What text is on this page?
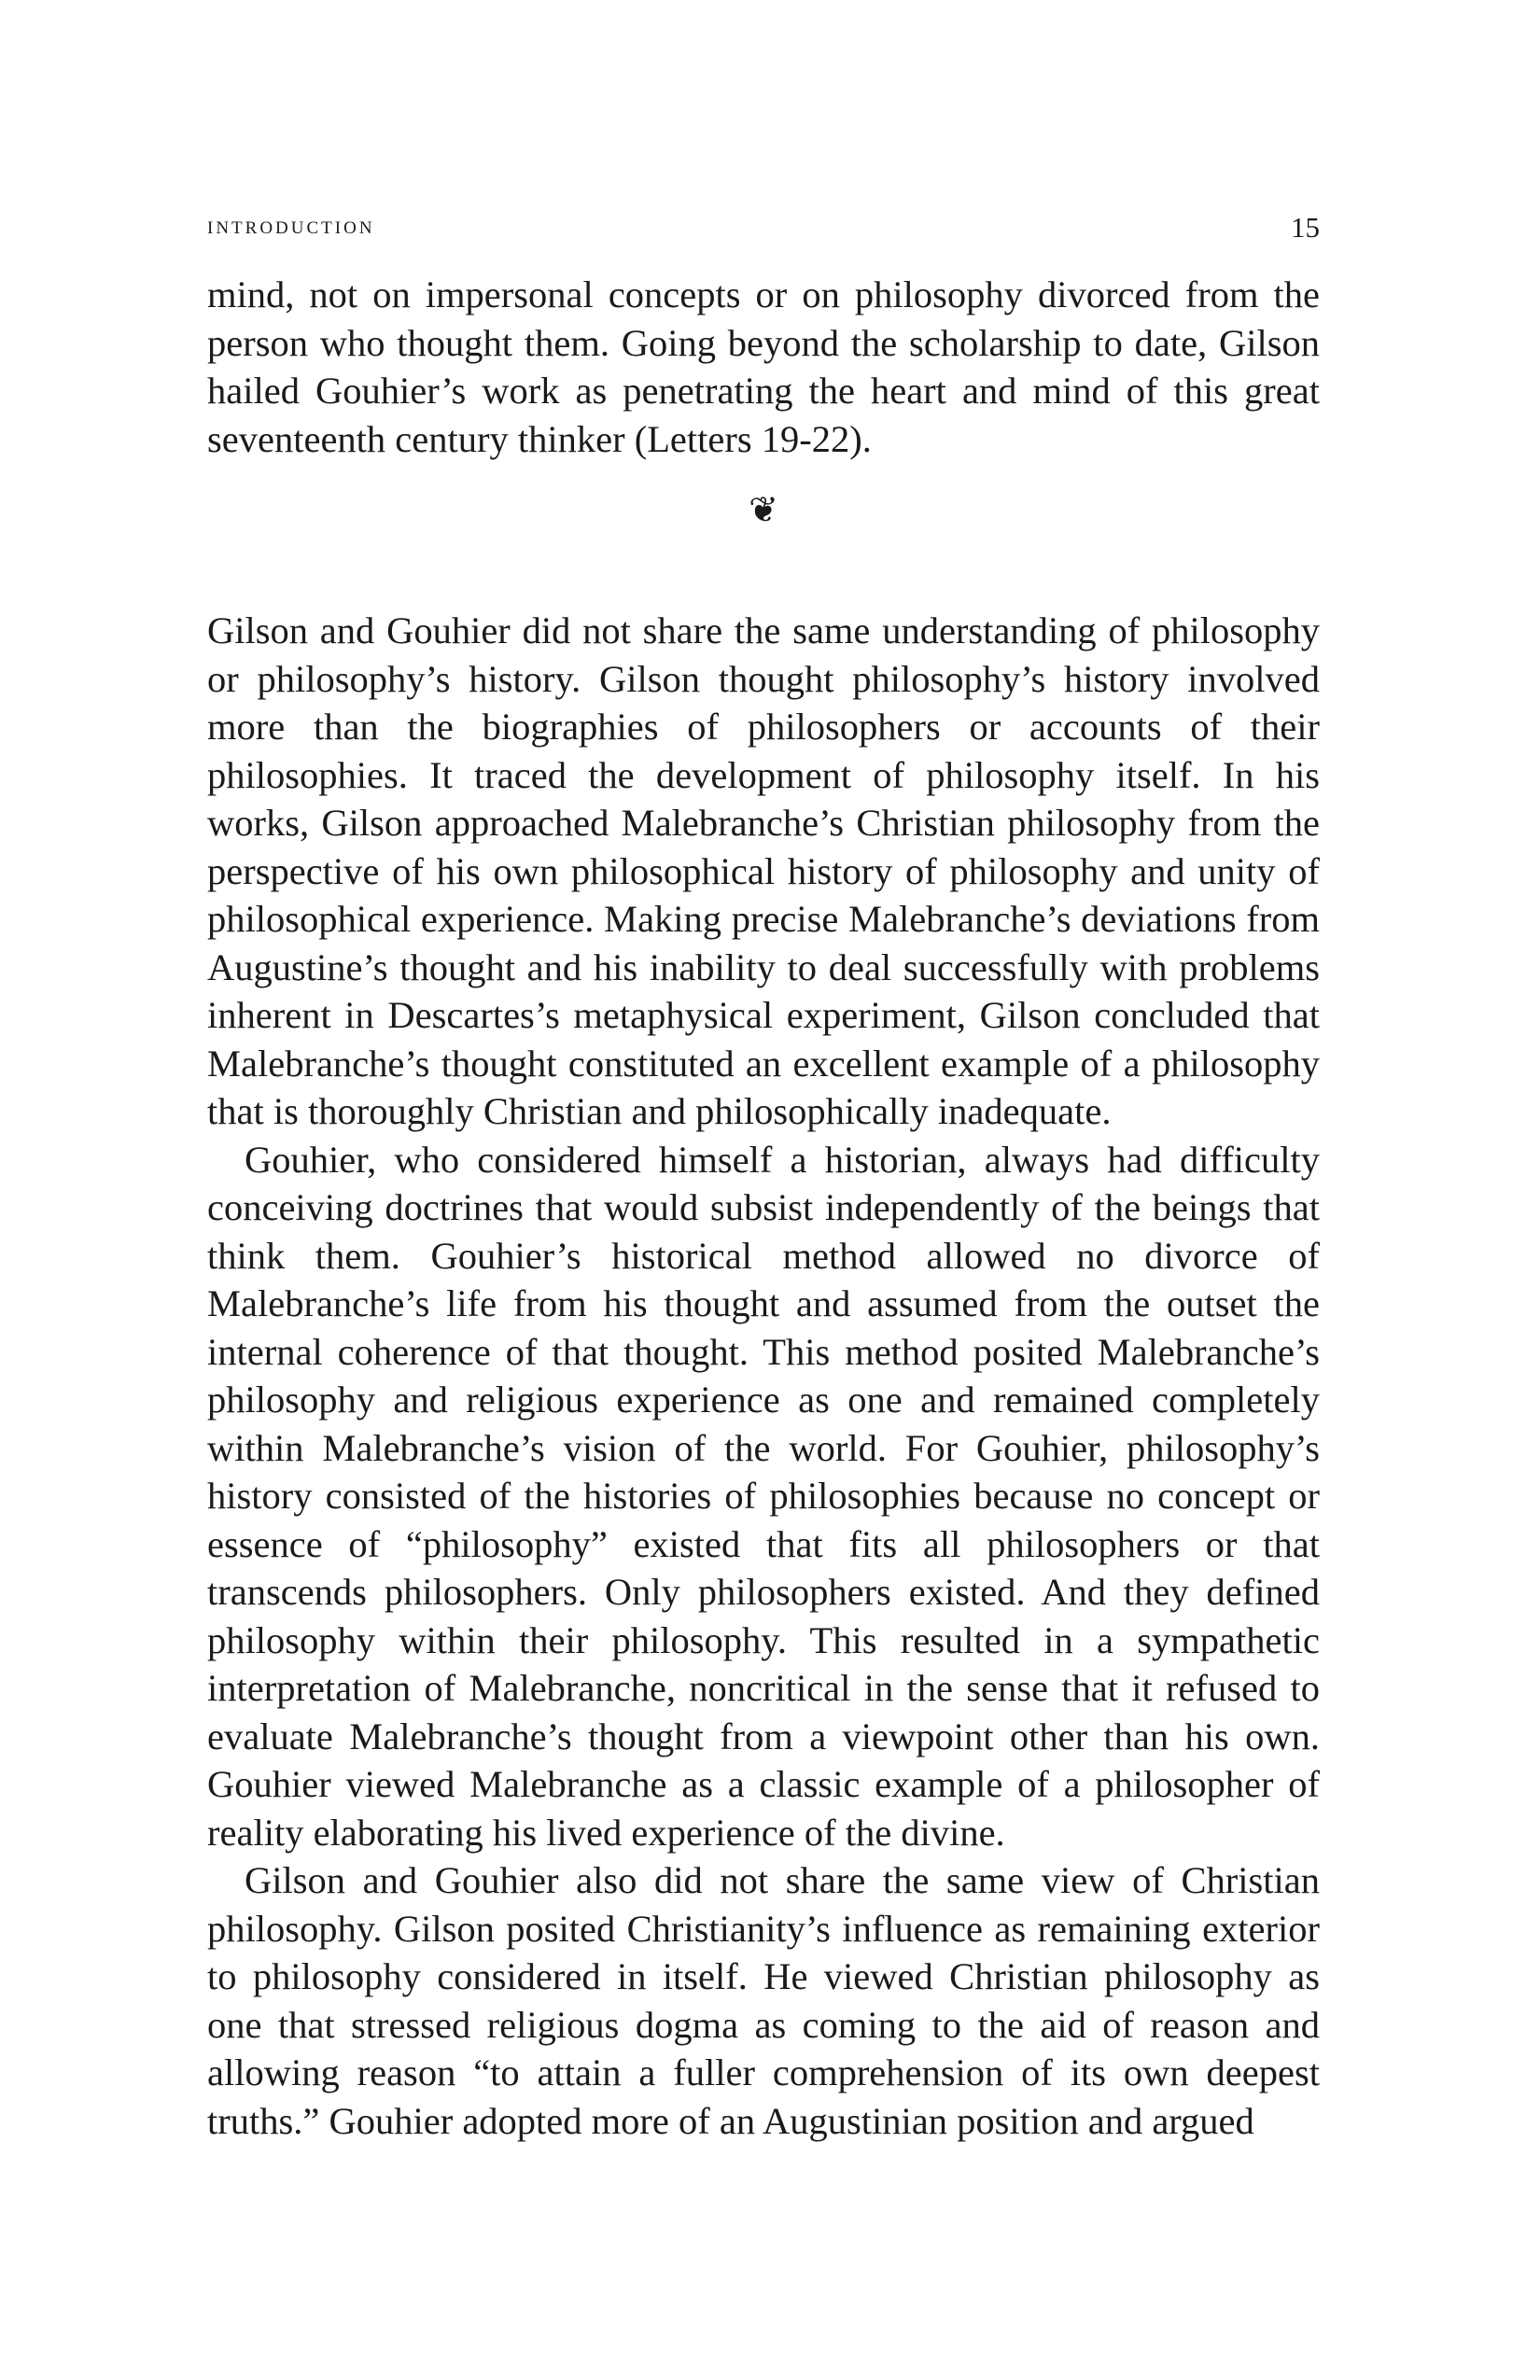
introduction	15

mind, not on impersonal concepts or on philosophy divorced from the person who thought them. Going beyond the scholarship to date, Gilson hailed Gouhier’s work as penetrating the heart and mind of this great seventeenth century thinker (Letters 19-22).

❦

Gilson and Gouhier did not share the same understanding of philosophy or philosophy’s history. Gilson thought philosophy’s history involved more than the biographies of philosophers or accounts of their philosophies. It traced the development of philosophy itself. In his works, Gilson approached Malebranche’s Christian philosophy from the perspective of his own philosophical history of philosophy and unity of philosophical experience. Making precise Malebranche’s deviations from Augustine’s thought and his inability to deal successfully with problems inherent in Descartes’s metaphysical experiment, Gilson concluded that Malebranche’s thought constituted an excellent example of a philosophy that is thoroughly Christian and philosophically inadequate.

Gouhier, who considered himself a historian, always had difficulty conceiving doctrines that would subsist independently of the beings that think them. Gouhier’s historical method allowed no divorce of Malebranche’s life from his thought and assumed from the outset the internal coherence of that thought. This method posited Malebranche’s philosophy and religious experience as one and remained completely within Malebranche’s vision of the world. For Gouhier, philosophy’s history consisted of the histories of philosophies because no concept or essence of “philosophy” existed that fits all philosophers or that transcends philosophers. Only philosophers existed. And they defined philosophy within their philosophy. This resulted in a sympathetic interpretation of Malebranche, noncritical in the sense that it refused to evaluate Malebranche’s thought from a viewpoint other than his own. Gouhier viewed Malebranche as a classic example of a philosopher of reality elaborating his lived experience of the divine.

Gilson and Gouhier also did not share the same view of Christian philosophy. Gilson posited Christianity’s influence as remaining exterior to philosophy considered in itself. He viewed Christian philosophy as one that stressed religious dogma as coming to the aid of reason and allowing reason “to attain a fuller comprehension of its own deepest truths.” Gouhier adopted more of an Augustinian position and argued
